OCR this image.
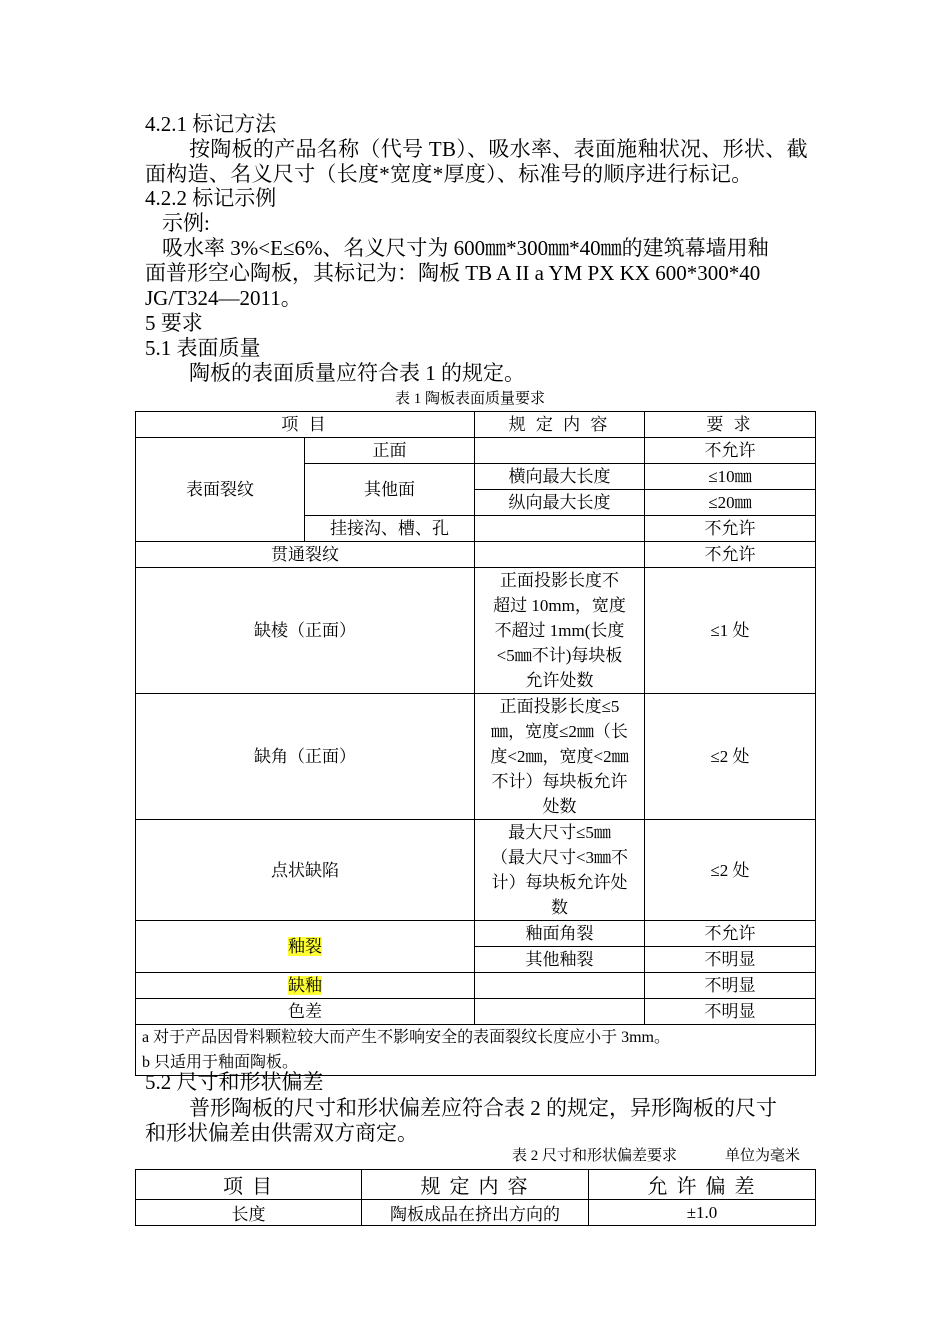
4.2.1 标记方法
按陶板的产品名称（代号 TB）、吸水率、表面施釉状况、形状、截
面构造、名义尺寸（长度*宽度*厚度）、标准号的顺序进行标记。
4.2.2 标记示例
示例:
吸水率 3%<E≤6%、名义尺寸为 600㎜*300㎜*40㎜的建筑幕墙用釉
面普形空心陶板，其标记为：陶板 TB A II a YM PX KX 600*300*40
JG/T324—2011。
5 要求
5.1 表面质量
陶板的表面质量应符合表 1 的规定。
表 1 陶板表面质量要求
项 目		规 定 内 容	要 求
表面裂纹	正面		不允许
	其他面	横向最大长度	≤10㎜
		纵向最大长度	≤20㎜
	挂接沟、槽、孔		不允许
贯通裂纹			不允许
缺棱（正面）		正面投影长度不
超过 10mm，宽度
不超过 1mm(长度
<5㎜不计)每块板
允许处数	≤1 处
缺角（正面）		正面投影长度≤5
㎜，宽度≤2㎜（长
度<2㎜，宽度<2㎜
不计）每块板允许
处数	≤2 处
点状缺陷		最大尺寸≤5㎜
（最大尺寸<3㎜不
计）每块板允许处
数	≤2 处
釉裂		釉面角裂	不允许
		其他釉裂	不明显
缺釉			不明显
色差			不明显

a 对于产品因骨料颗粒较大而产生不影响安全的表面裂纹长度应小于 3mm。
b 只适用于釉面陶板。			
5.2 尺寸和形状偏差
普形陶板的尺寸和形状偏差应符合表 2 的规定，异形陶板的尺寸
和形状偏差由供需双方商定。
表 2 尺寸和形状偏差要求	单位为毫米
项 目	规 定 内 容	允 许 偏 差
长度	陶板成品在挤出方向的	±1.0
